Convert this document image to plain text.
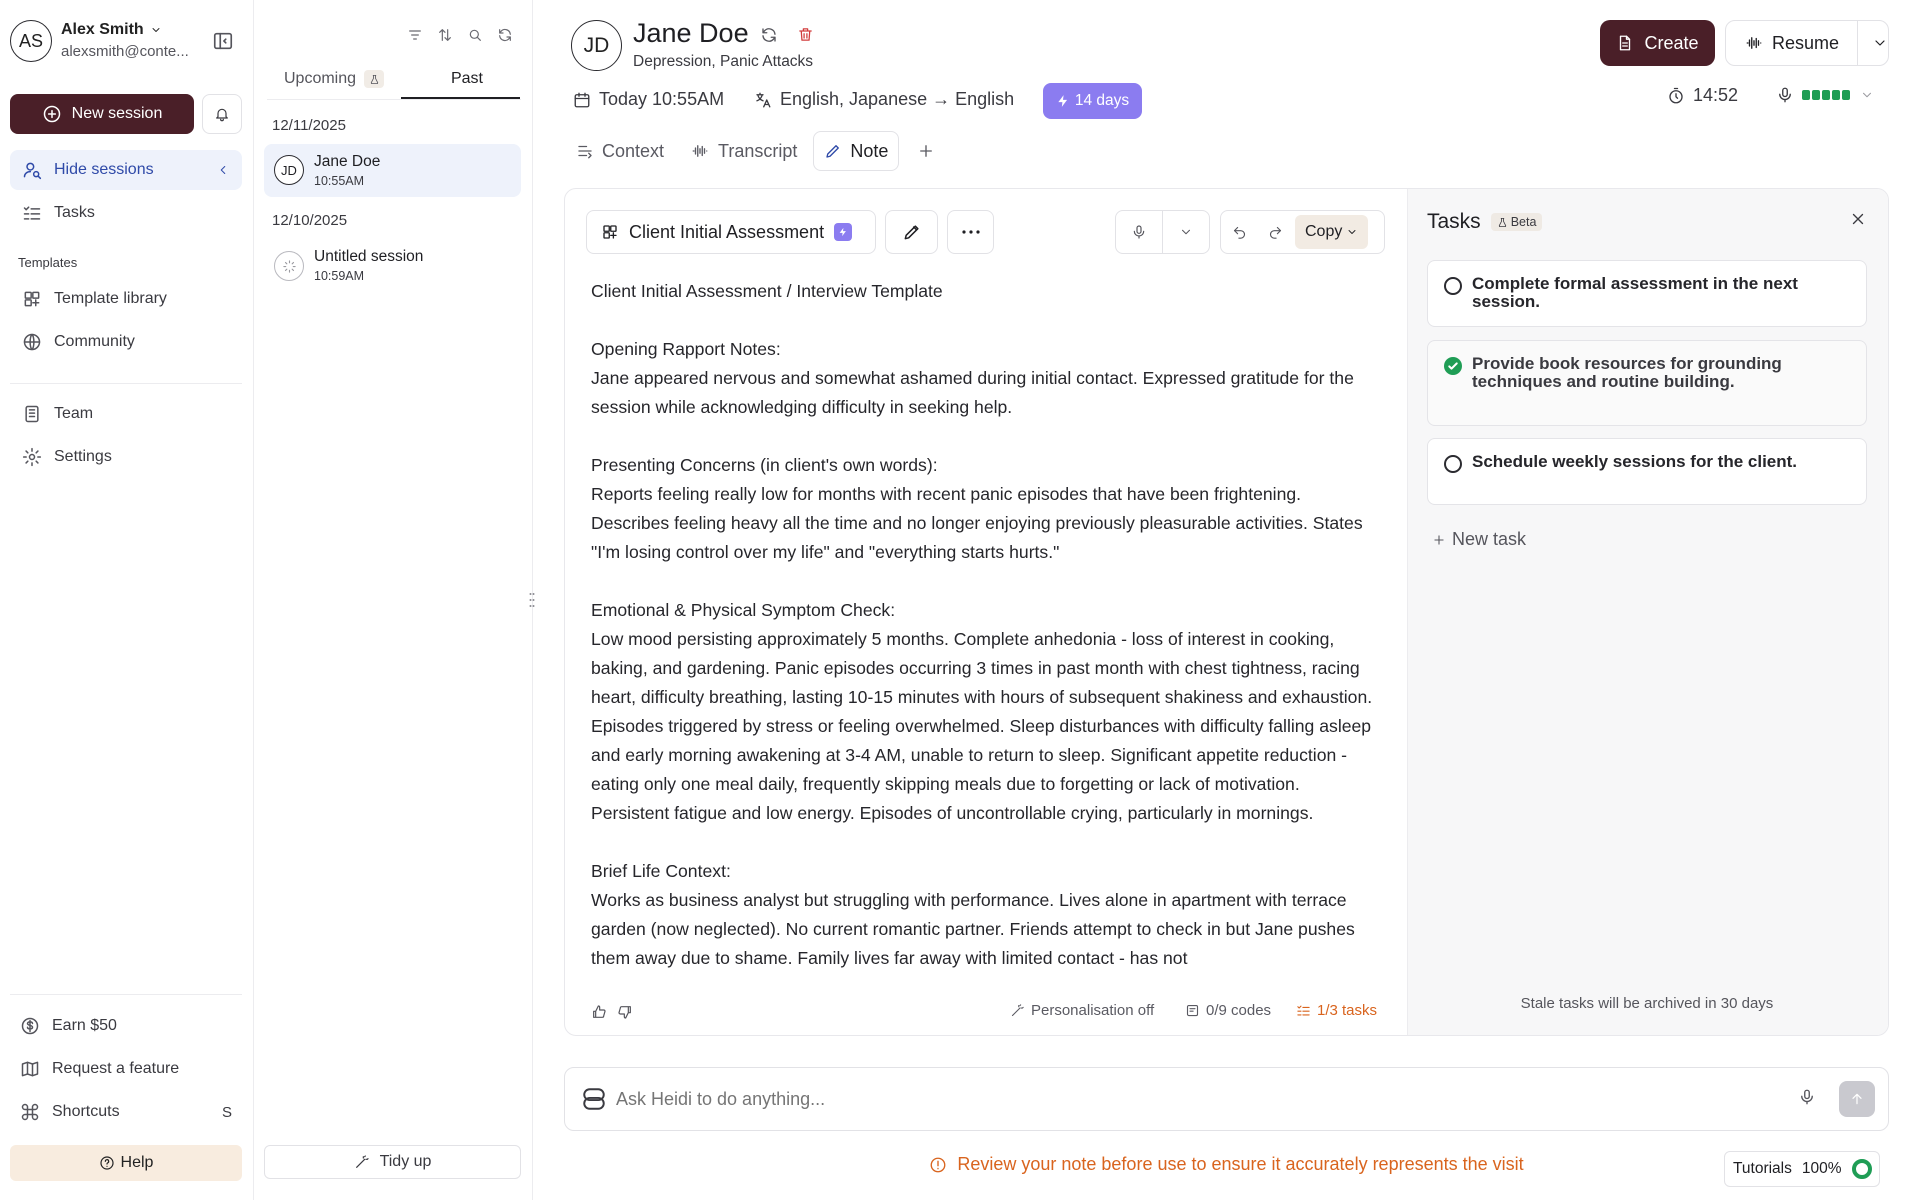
AS
Alex Smith
alexsmith@conte...
New session
Hide sessions
Tasks
Templates
Template library
Community
Team
Settings
Earn $50
Request a feature
Shortcuts	S
Help
Upcoming	Past
12/11/2025
JD	Jane Doe
10:55AM
12/10/2025
Untitled session
10:59AM
Tidy up
JD Jane Doe
Depression, Panic Attacks
Today 10:55AM	English, Japanese → English	14 days
Create	Resume
14:52
Context	Transcript	Note
Client Initial Assessment	Copy

Client Initial Assessment / Interview Template

Opening Rapport Notes:
Jane appeared nervous and somewhat ashamed during initial contact. Expressed gratitude for the session while acknowledging difficulty in seeking help.

Presenting Concerns (in client's own words):
Reports feeling really low for months with recent panic episodes that have been frightening. Describes feeling heavy all the time and no longer enjoying previously pleasurable activities. States "I'm losing control over my life" and "everything starts hurts."

Emotional & Physical Symptom Check:
Low mood persisting approximately 5 months. Complete anhedonia - loss of interest in cooking, baking, and gardening. Panic episodes occurring 3 times in past month with chest tightness, racing heart, difficulty breathing, lasting 10-15 minutes with hours of subsequent shakiness and exhaustion. Episodes triggered by stress or feeling overwhelmed. Sleep disturbances with difficulty falling asleep and early morning awakening at 3-4 AM, unable to return to sleep. Significant appetite reduction - eating only one meal daily, frequently skipping meals due to forgetting or lack of motivation. Persistent fatigue and low energy. Episodes of uncontrollable crying, particularly in mornings.

Brief Life Context:
Works as business analyst but struggling with performance. Lives alone in apartment with terrace garden (now neglected). No current romantic partner. Friends attempt to check in but Jane pushes them away due to shame. Family lives far away with limited contact - has not

Personalisation off	0/9 codes	1/3 tasks
Tasks Beta
Complete formal assessment in the next session.
Provide book resources for grounding techniques and routine building.
Schedule weekly sessions for the client.
New task
Stale tasks will be archived in 30 days
Ask Heidi to do anything...
Review your note before use to ensure it accurately represents the visit	Tutorials 100%
